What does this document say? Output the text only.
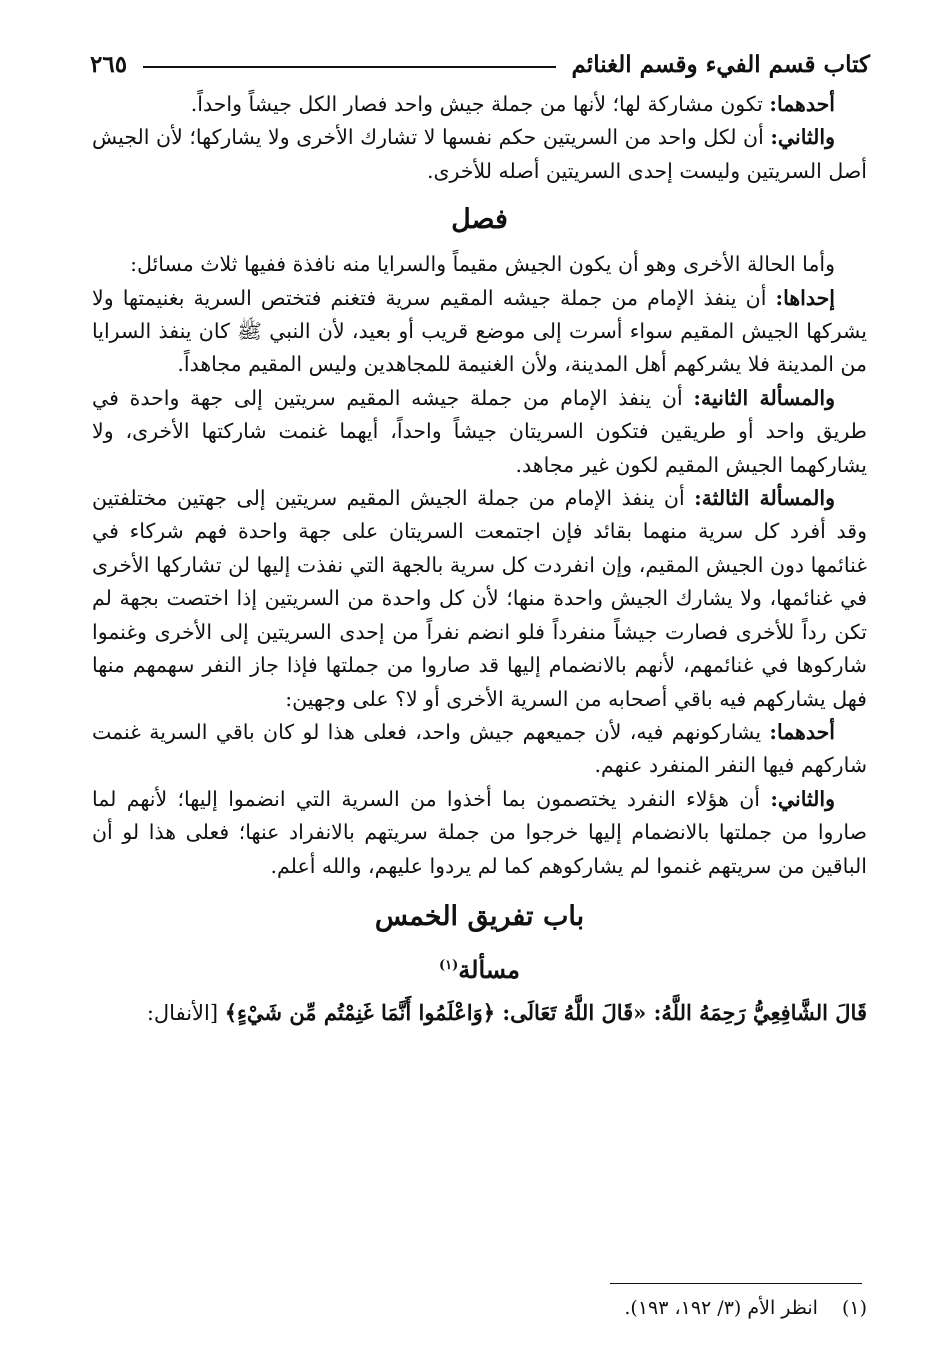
كتاب قسم الفيء وقسم الغنائم
٢٦٥

أحدهما: تكون مشاركة لها؛ لأنها من جملة جيش واحد فصار الكل جيشاً واحداً.

والثاني: أن لكل واحد من السريتين حكم نفسها لا تشارك الأخرى ولا يشاركها؛ لأن الجيش أصل السريتين وليست إحدى السريتين أصله للأخرى.

فصل

وأما الحالة الأخرى وهو أن يكون الجيش مقيماً والسرايا منه نافذة ففيها ثلاث مسائل:

إحداها: أن ينفذ الإمام من جملة جيشه المقيم سرية فتغنم فتختص السرية بغنيمتها ولا يشركها الجيش المقيم سواء أسرت إلى موضع قريب أو بعيد، لأن النبي ﷺ كان ينفذ السرايا من المدينة فلا يشركهم أهل المدينة، ولأن الغنيمة للمجاهدين وليس المقيم مجاهداً.

والمسألة الثانية: أن ينفذ الإمام من جملة جيشه المقيم سريتين إلى جهة واحدة في طريق واحد أو طريقين فتكون السريتان جيشاً واحداً، أيهما غنمت شاركتها الأخرى، ولا يشاركهما الجيش المقيم لكون غير مجاهد.

والمسألة الثالثة: أن ينفذ الإمام من جملة الجيش المقيم سريتين إلى جهتين مختلفتين وقد أفرد كل سرية منهما بقائد فإن اجتمعت السريتان على جهة واحدة فهم شركاء في غنائمها دون الجيش المقيم، وإن انفردت كل سرية بالجهة التي نفذت إليها لن تشاركها الأخرى في غنائمها، ولا يشارك الجيش واحدة منها؛ لأن كل واحدة من السريتين إذا اختصت بجهة لم تكن رداً للأخرى فصارت جيشاً منفرداً فلو انضم نفراً من إحدى السريتين إلى الأخرى وغنموا شاركوها في غنائمهم، لأنهم بالانضمام إليها قد صاروا من جملتها فإذا جاز النفر سهمهم منها فهل يشاركهم فيه باقي أصحابه من السرية الأخرى أو لا؟ على وجهين:

أحدهما: يشاركونهم فيه، لأن جميعهم جيش واحد، فعلى هذا لو كان باقي السرية غنمت شاركهم فيها النفر المنفرد عنهم.

والثاني: أن هؤلاء النفرد يختصمون بما أخذوا من السرية التي انضموا إليها؛ لأنهم لما صاروا من جملتها بالانضمام إليها خرجوا من جملة سريتهم بالانفراد عنها؛ فعلى هذا لو أن الباقين من سريتهم غنموا لم يشاركوهم كما لم يردوا عليهم، والله أعلم.

باب تفريق الخمس
مسألة$^{(١)}$

قَالَ الشَّافِعِيُّ رَحِمَهُ اللَّهُ: «قَالَ اللَّهُ تَعَالَى: ﴿وَاعْلَمُوا أَنَّمَا غَنِمْتُم مِّن شَيْءٍ﴾ [الأنفال:

(١)انظر الأم (٣/ ١٩٢، ١٩٣).
